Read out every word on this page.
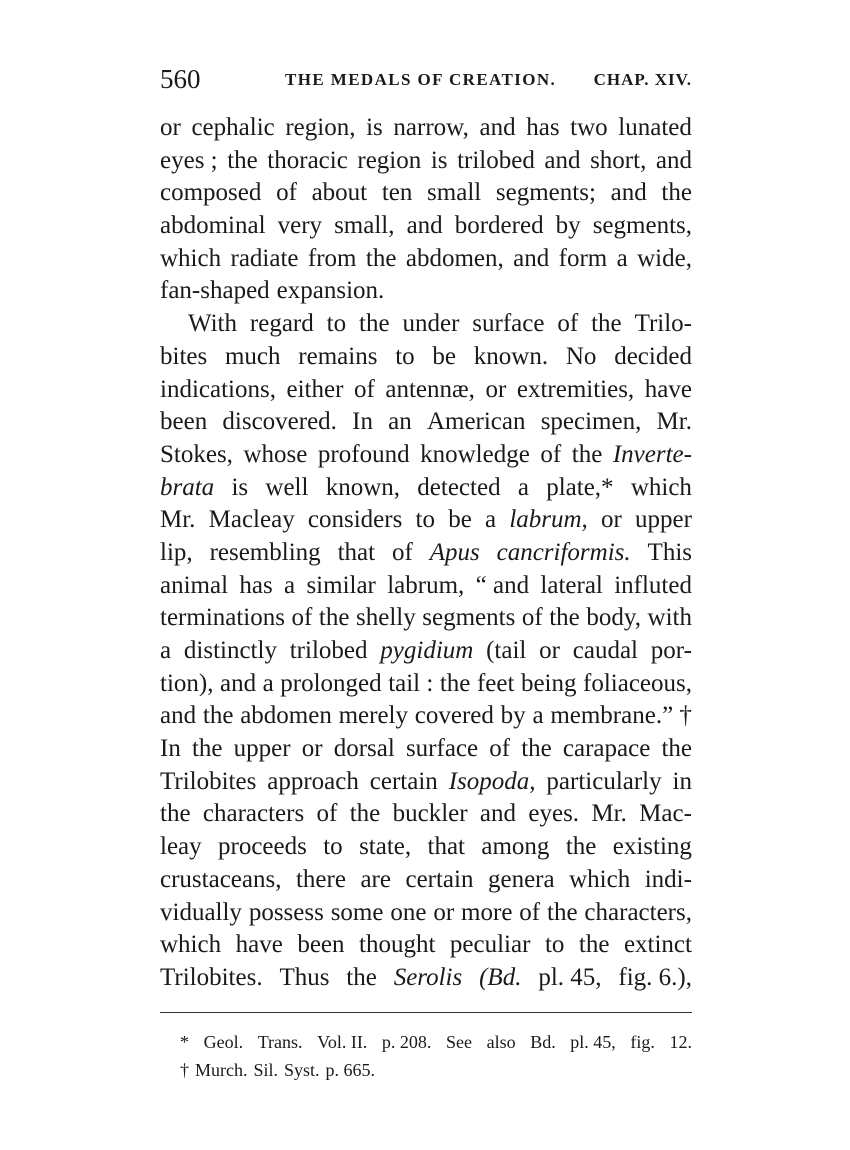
560	THE MEDALS OF CREATION. CHAP. XIV.
or cephalic region, is narrow, and has two lunated
eyes ; the thoracic region is trilobed and short, and
composed of about ten small segments; and the
abdominal very small, and bordered by segments,
which radiate from the abdomen, and form a wide,
fan-shaped expansion.
With regard to the under surface of the Trilo-
bites much remains to be known. No decided
indications, either of antennæ, or extremities, have
been discovered. In an American specimen, Mr.
Stokes, whose profound knowledge of the Inverte-
brata is well known, detected a plate,* which
Mr. Macleay considers to be a labrum, or upper
lip, resembling that of Apus cancriformis. This
animal has a similar labrum, “ and lateral influted
terminations of the shelly segments of the body, with
a distinctly trilobed pygidium (tail or caudal por-
tion), and a prolonged tail : the feet being foliaceous,
and the abdomen merely covered by a membrane.” †
In the upper or dorsal surface of the carapace the
Trilobites approach certain Isopoda, particularly in
the characters of the buckler and eyes. Mr. Mac-
leay proceeds to state, that among the existing
crustaceans, there are certain genera which indi-
vidually possess some one or more of the characters,
which have been thought peculiar to the extinct
Trilobites. Thus the Serolis (Bd. pl. 45, fig. 6.),
* Geol. Trans. Vol. II. p. 208. See also Bd. pl. 45, fig. 12.
† Murch. Sil. Syst. p. 665.
